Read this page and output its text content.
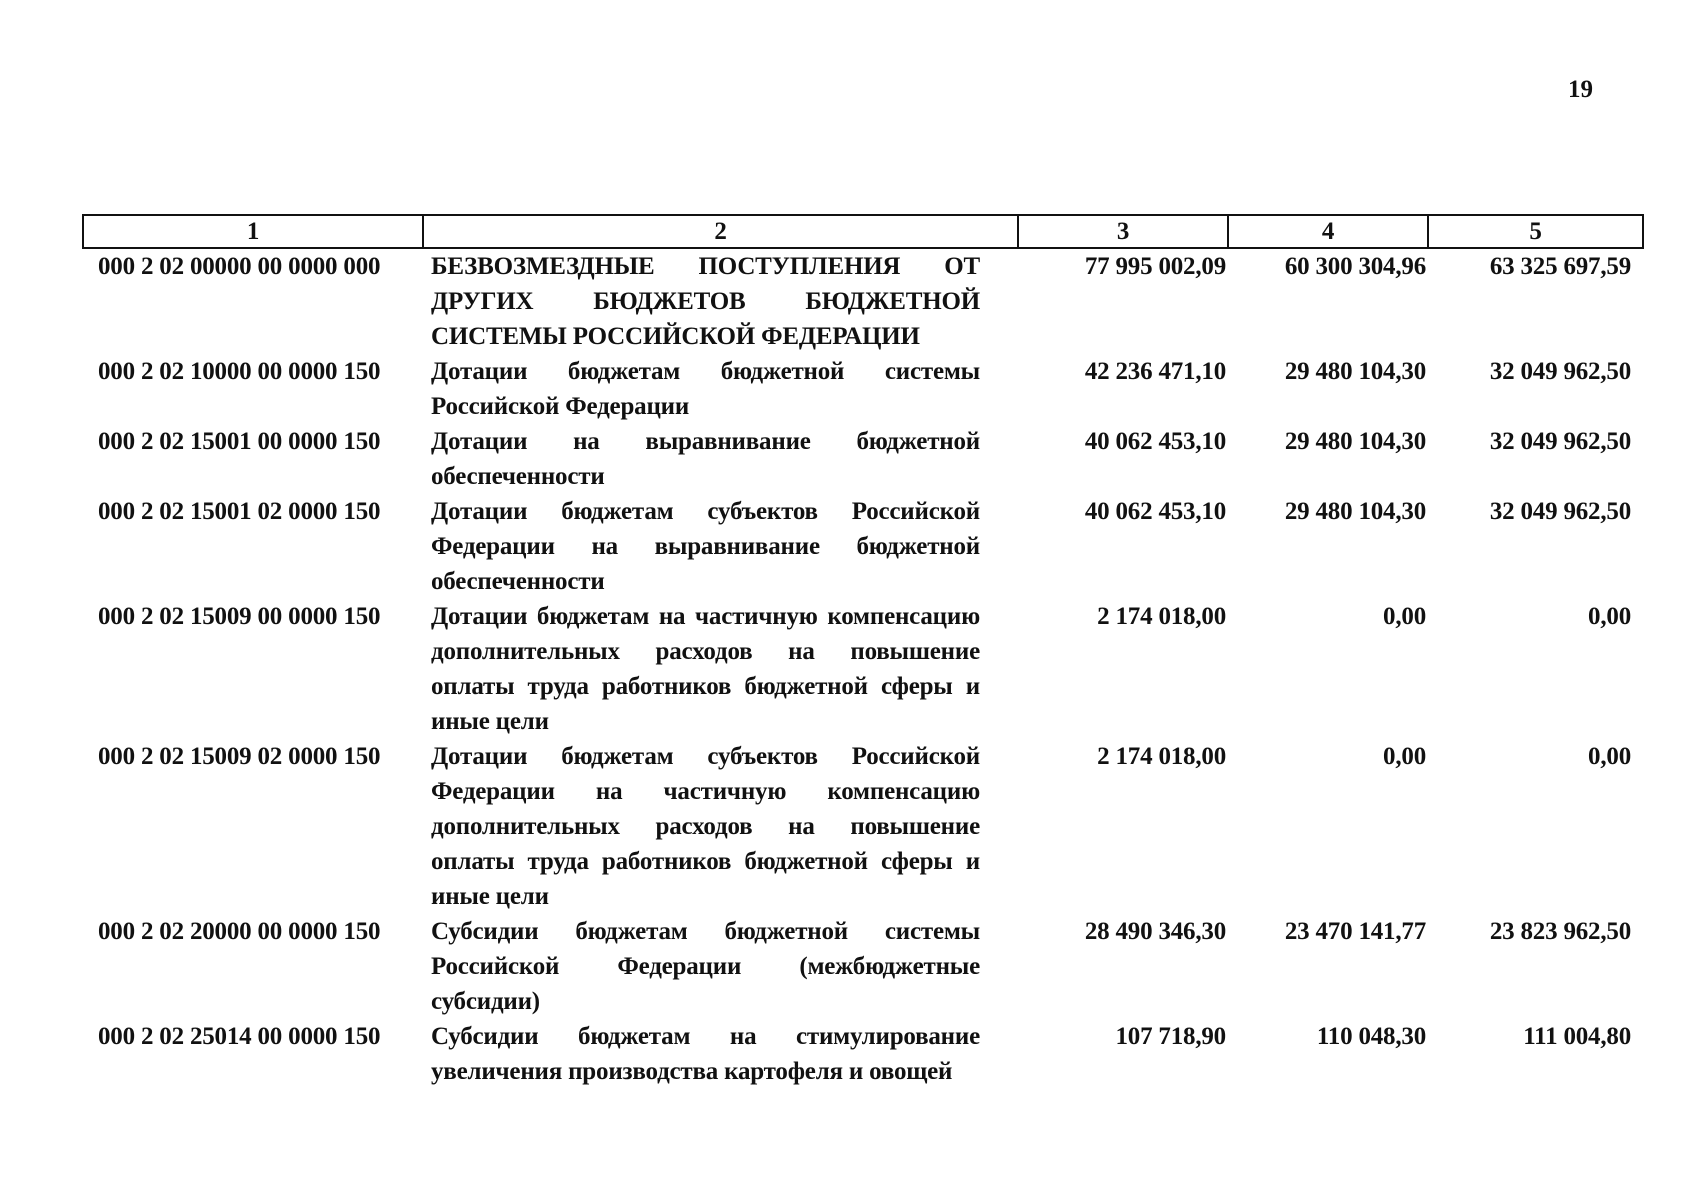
19
1	2	3	4	5
000 2 02 00000 00 0000 000	БЕЗВОЗМЕЗДНЫЕ ПОСТУПЛЕНИЯ ОТ ДРУГИХ БЮДЖЕТОВ БЮДЖЕТНОЙ СИСТЕМЫ РОССИЙСКОЙ ФЕДЕРАЦИИ	77 995 002,09	60 300 304,96	63 325 697,59
000 2 02 10000 00 0000 150	Дотации бюджетам бюджетной системы Российской Федерации	42 236 471,10	29 480 104,30	32 049 962,50
000 2 02 15001 00 0000 150	Дотации на выравнивание бюджетной обеспеченности	40 062 453,10	29 480 104,30	32 049 962,50
000 2 02 15001 02 0000 150	Дотации бюджетам субъектов Российской Федерации на выравнивание бюджетной обеспеченности	40 062 453,10	29 480 104,30	32 049 962,50
000 2 02 15009 00 0000 150	Дотации бюджетам на частичную компенсацию дополнительных расходов на повышение оплаты труда работников бюджетной сферы и иные цели	2 174 018,00	0,00	0,00
000 2 02 15009 02 0000 150	Дотации бюджетам субъектов Российской Федерации на частичную компенсацию дополнительных расходов на повышение оплаты труда работников бюджетной сферы и иные цели	2 174 018,00	0,00	0,00
000 2 02 20000 00 0000 150	Субсидии бюджетам бюджетной системы Российской Федерации (межбюджетные субсидии)	28 490 346,30	23 470 141,77	23 823 962,50
000 2 02 25014 00 0000 150	Субсидии бюджетам на стимулирование увеличения производства картофеля и овощей	107 718,90	110 048,30	111 004,80
